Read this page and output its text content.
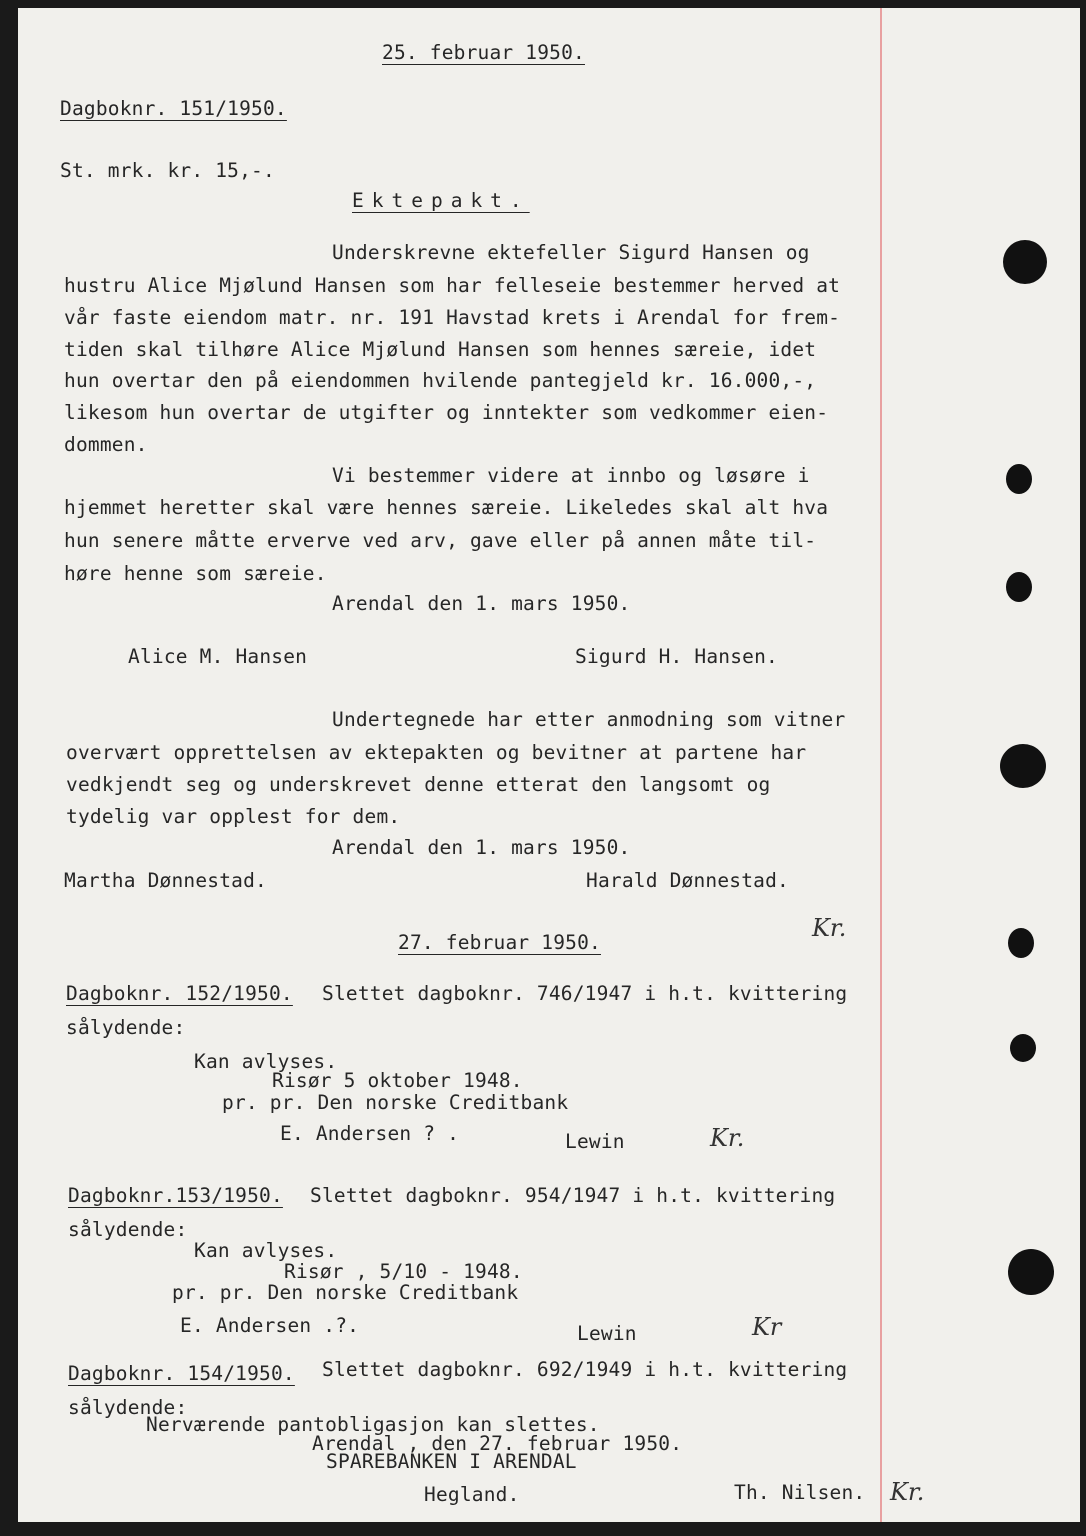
25. februar 1950.

Dagboknr. 151/1950.

St. mrk. kr. 15,-.

Ektepakt.

Underskrevne ektefeller Sigurd Hansen og

hustru Alice Mjølund Hansen som har felleseie bestemmer herved at

vår faste eiendom matr. nr. 191 Havstad krets i Arendal for frem-

tiden skal tilhøre Alice Mjølund Hansen som hennes særeie, idet

hun overtar den på eiendommen hvilende pantegjeld kr. 16.000,-,

likesom hun overtar de utgifter og inntekter som vedkommer eien-

dommen.

Vi bestemmer videre at innbo og løsøre i

hjemmet heretter skal være hennes særeie. Likeledes skal alt hva

hun senere måtte erverve ved arv, gave eller på annen måte til-

høre henne som særeie.

Arendal den 1. mars 1950.

Alice M. Hansen	Sigurd H. Hansen.

Undertegnede har etter anmodning som vitner

overvært opprettelsen av ektepakten og bevitner at partene har

vedkjendt seg og underskrevet denne etterat den langsomt og

tydelig var opplest for dem.

Arendal den 1. mars 1950.

Martha Dønnestad.	Harald Dønnestad.

Kr.

27. februar 1950.

Dagboknr. 152/1950. Slettet dagboknr. 746/1947 i h.t. kvittering

sålydende:

Kan avlyses.

Risør 5 oktober 1948.

pr. pr. Den norske Creditbank

E. Andersen ? .	Lewin	Kr.

Dagboknr.153/1950. Slettet dagboknr. 954/1947 i h.t. kvittering

sålydende:

Kan avlyses.

Risør , 5/10 - 1948.

pr. pr. Den norske Creditbank

E. Andersen .?.	Lewin	Kr

Dagboknr. 154/1950. Slettet dagboknr. 692/1949 i h.t. kvittering

sålydende:

Nerværende pantobligasjon kan slettes.

Arendal , den 27. februar 1950.

SPAREBANKEN I ARENDAL

Hegland.	Th. Nilsen. Kr.
